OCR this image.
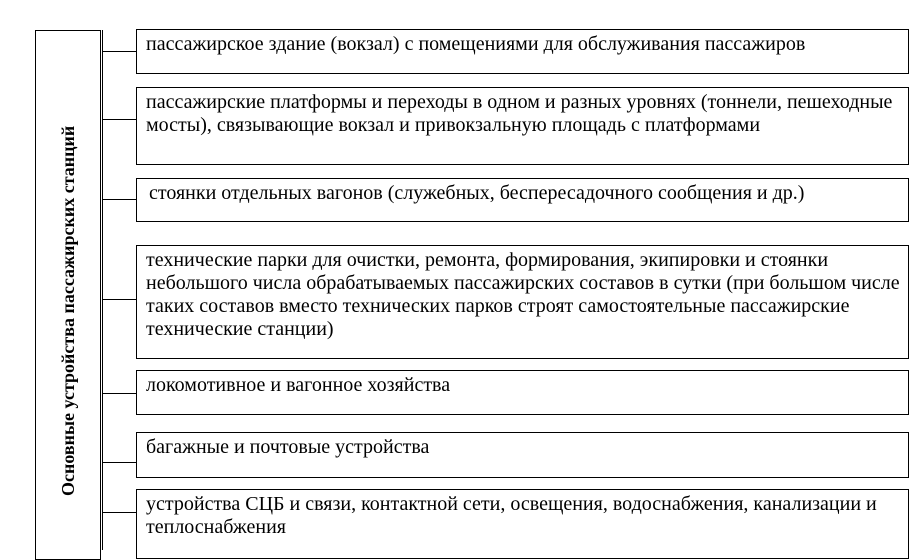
Основные устройства пассажирских станций
пассажирское здание (вокзал) с помещениями для обслуживания пассажиров
пассажирские платформы и переходы в одном и разных уровнях (тоннели, пешеходные мосты), связывающие вокзал и привокзальную площадь с платформами
стоянки отдельных вагонов (служебных, беспересадочного сообщения и др.)
технические парки для очистки, ремонта, формирования, экипировки и стоянки небольшого числа обрабатываемых пассажирских составов в сутки (при большом числе таких составов вместо технических парков строят самостоятельные пассажирские технические станции)
локомотивное и вагонное хозяйства
багажные и почтовые устройства
устройства СЦБ и связи, контактной сети, освещения, водоснабжения, канализации и теплоснабжения
